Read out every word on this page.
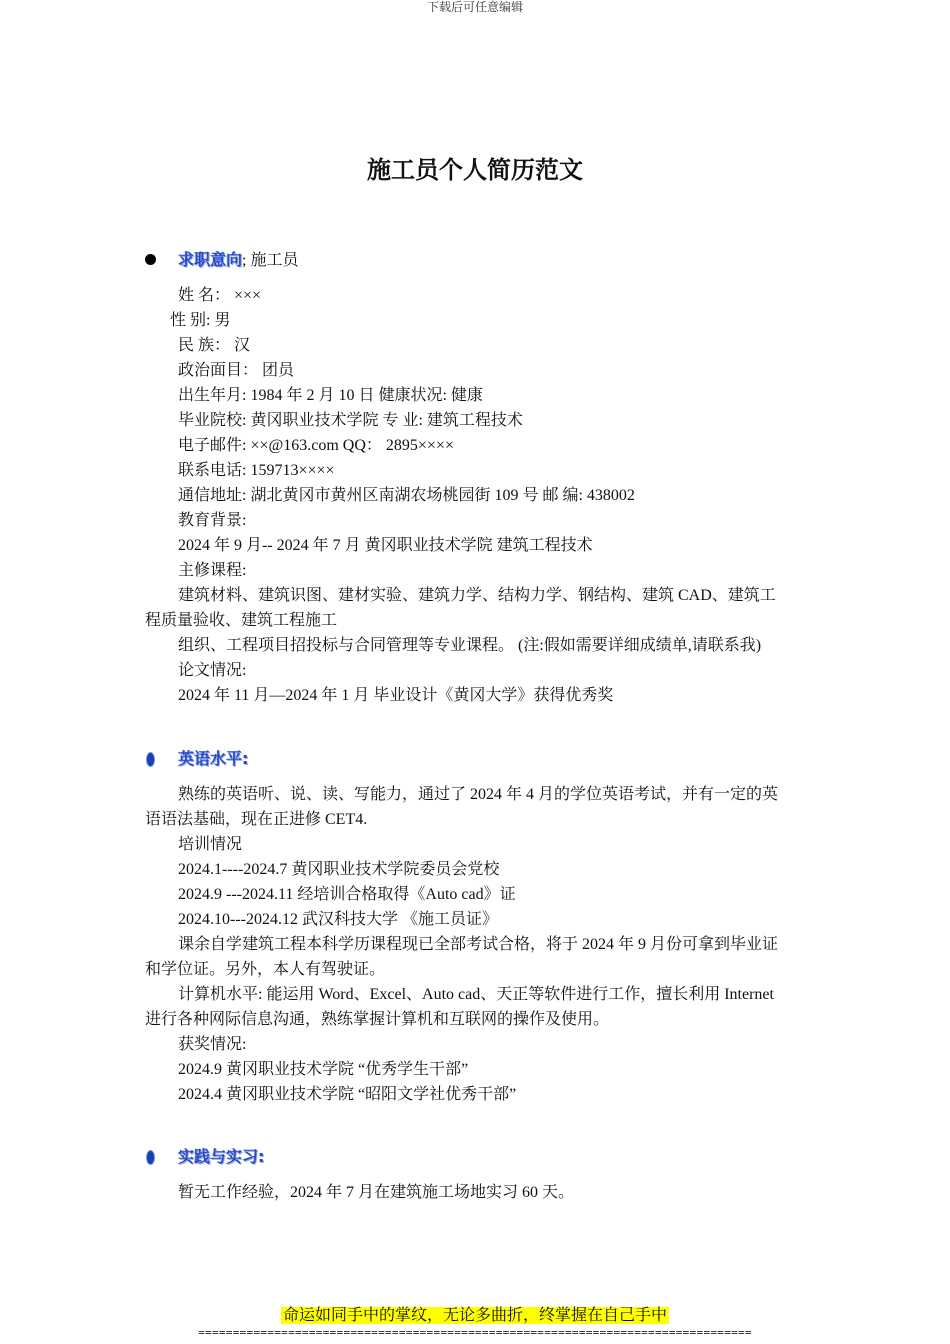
下载后可任意编辑
施工员个人简历范文
求职意向; 施工员
姓 名： ×××
性 别: 男
民 族： 汉
政治面目： 团员
出生年月: 1984 年 2 月 10 日 健康状况: 健康
毕业院校: 黄冈职业技术学院 专 业: 建筑工程技术
电子邮件: ××@163.com QQ： 2895××××
联系电话: 159713××××
通信地址: 湖北黄冈市黄州区南湖农场桃园街 109 号 邮 编: 438002
教育背景:
2024 年 9 月-- 2024 年 7 月 黄冈职业技术学院 建筑工程技术
主修课程:
建筑材料、建筑识图、建材实验、建筑力学、结构力学、钢结构、建筑 CAD、建筑工
程质量验收、建筑工程施工
组织、工程项目招投标与合同管理等专业课程。 (注:假如需要详细成绩单,请联系我)
论文情况:
2024 年 11 月—2024 年 1 月 毕业设计《黄冈大学》获得优秀奖
英语水平:
熟练的英语听、说、读、写能力，通过了 2024 年 4 月的学位英语考试，并有一定的英
语语法基础，现在正进修 CET4.
培训情况
2024.1----2024.7 黄冈职业技术学院委员会党校
2024.9 ---2024.11 经培训合格取得《Auto cad》证
2024.10---2024.12 武汉科技大学 《施工员证》
课余自学建筑工程本科学历课程现已全部考试合格，将于 2024 年 9 月份可拿到毕业证
和学位证。另外，本人有驾驶证。
计算机水平: 能运用 Word、Excel、Auto cad、天正等软件进行工作，擅长利用 Internet
进行各种网际信息沟通，熟练掌握计算机和互联网的操作及使用。
获奖情况:
2024.9 黄冈职业技术学院 “优秀学生干部”
2024.4 黄冈职业技术学院 “昭阳文学社优秀干部”
实践与实习:
暂无工作经验，2024 年 7 月在建筑施工场地实习 60 天。
命运如同手中的掌纹，无论多曲折，终掌握在自己手中
================================================================================
